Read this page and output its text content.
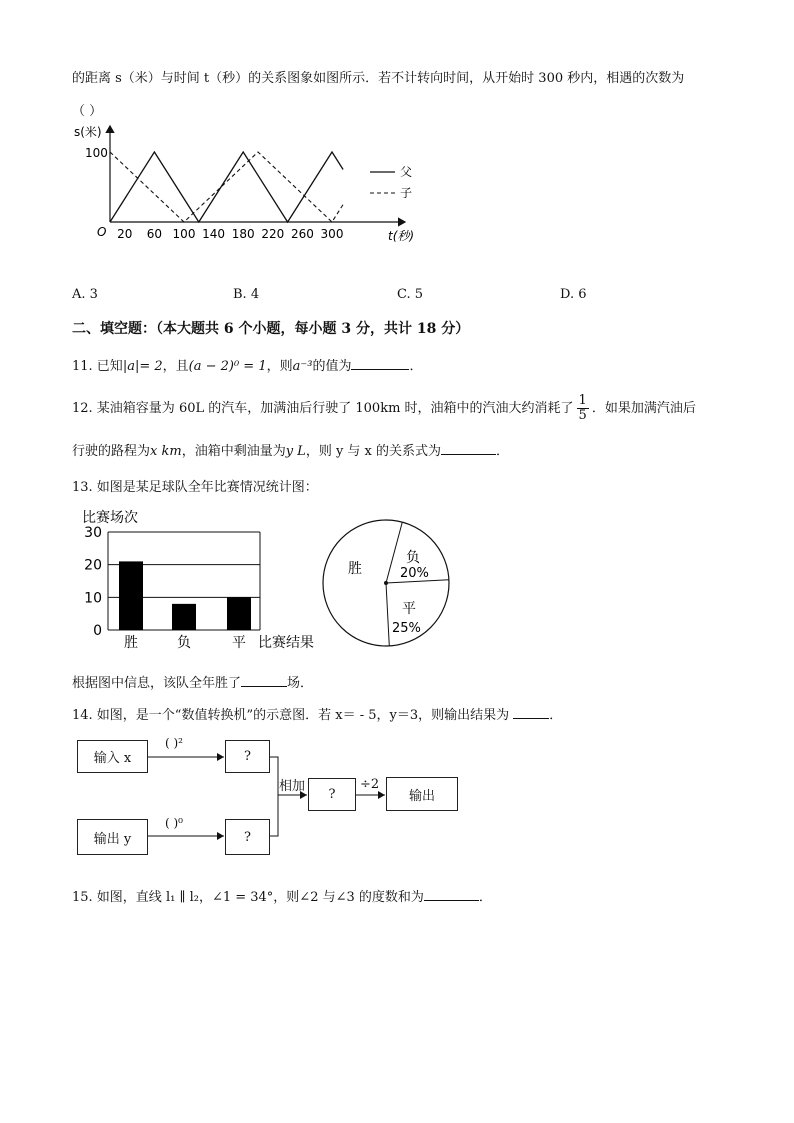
的距离 s（米）与时间 t（秒）的关系图象如图所示．若不计转向时间，从开始时 300 秒内，相遇的次数为
（ ）
s(米)
t(秒)
O
100
20 60 100 140 180 220 260 300
父
子
A. 3	B. 4	C. 5	D. 6
二、填空题：（本大题共 6 个小题，每小题 3 分，共计 18 分）
11. 已知|a|= 2，且(a − 2)⁰ = 1，则a⁻³的值为	．
12. 某油箱容量为 60L 的汽车，加满油后行驶了 100km 时，油箱中的汽油大约消耗了 $\frac{1}{5}$ ．如果加满汽油后
行驶的路程为x km，油箱中剩油量为y L，则 y 与 x 的关系式为	．
13. 如图是某足球队全年比赛情况统计图：
比赛场次
0
10
20
30
胜	负	平 比赛结果
胜
负
20%
平
25%
根据图中信息，该队全年胜了	场．
14. 如图，是一个“数值转换机”的示意图．若 x＝ - 5，y＝3，则输出结果为	．
输入 x
输出 y
( )²
( )⁰
?
?
相加
?
÷2
输出
15. 如图，直线 l₁ ∥ l₂，∠1 = 34°，则∠2 与∠3 的度数和为	．
